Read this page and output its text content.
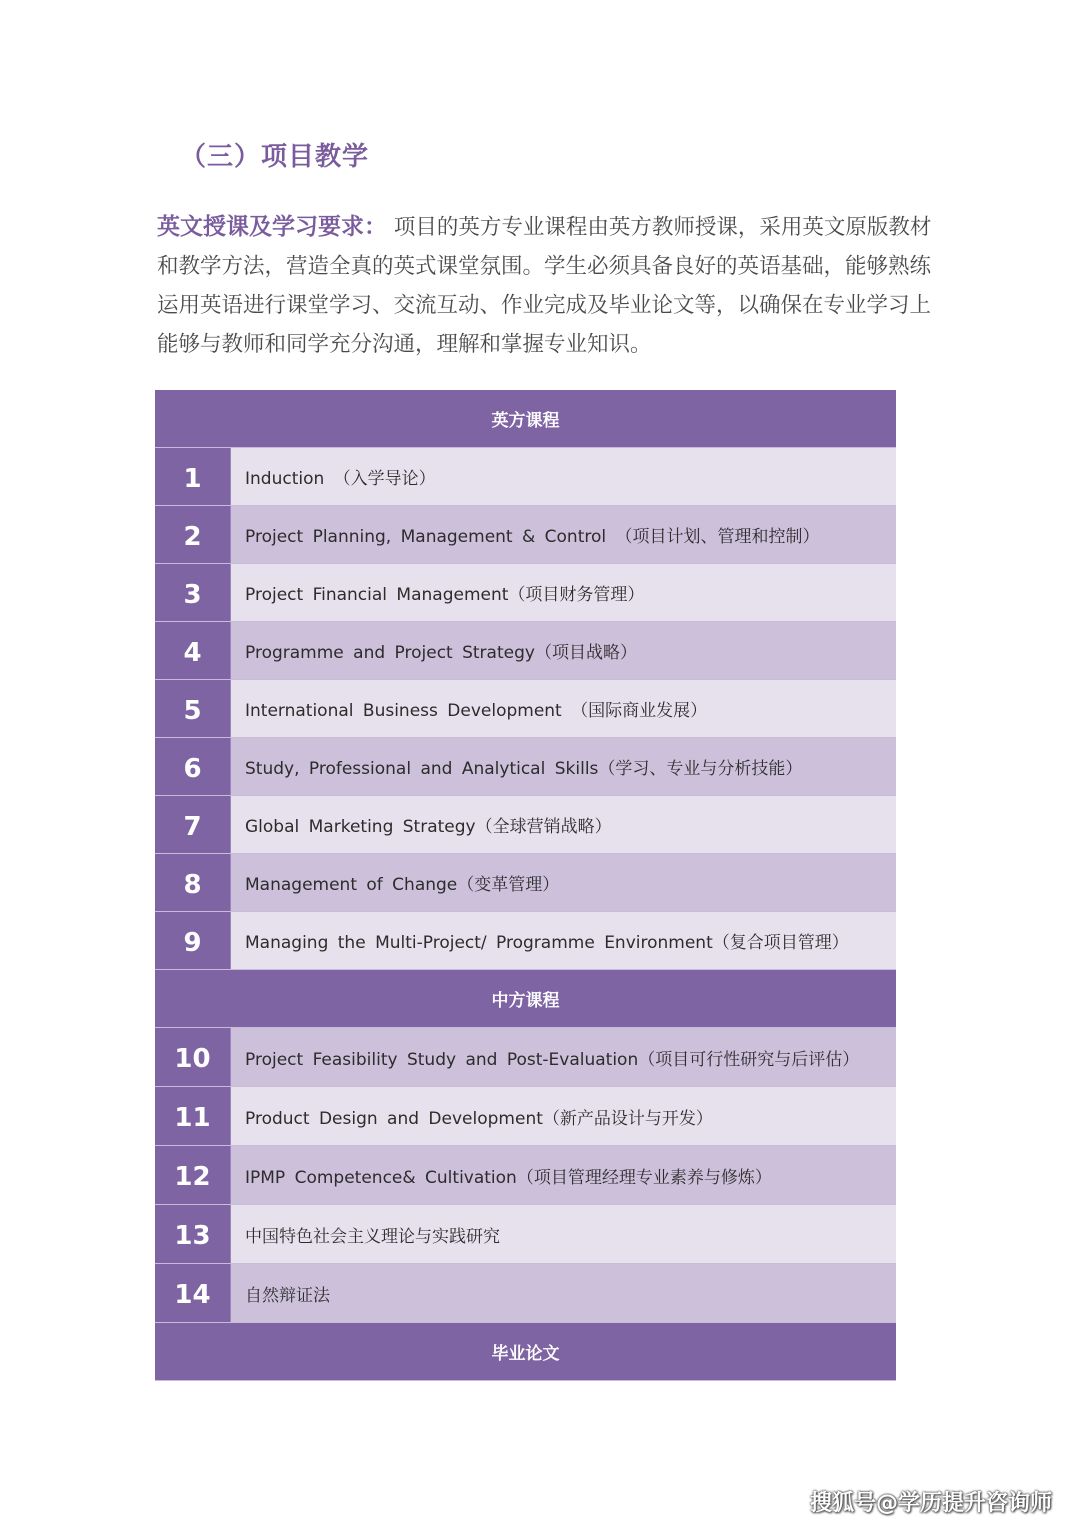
（三）项目教学
英文授课及学习要求： 项目的英方专业课程由英方教师授课，采用英文原版教材和教学方法，营造全真的英式课堂氛围。学生必须具备良好的英语基础，能够熟练运用英语进行课堂学习、交流互动、作业完成及毕业论文等，以确保在专业学习上能够与教师和同学充分沟通，理解和掌握专业知识。
英方课程
1	Induction （入学导论）
2	Project Planning, Management & Control （项目计划、管理和控制）
3	Project Financial Management（项目财务管理）
4	Programme and Project Strategy（项目战略）
5	International Business Development （国际商业发展）
6	Study, Professional and Analytical Skills（学习、专业与分析技能）
7	Global Marketing Strategy（全球营销战略）
8	Management of Change（变革管理）
9	Managing the Multi-Project/ Programme Environment（复合项目管理）
中方课程
10	Project Feasibility Study and Post-Evaluation（项目可行性研究与后评估）
11	Product Design and Development（新产品设计与开发）
12	IPMP Competence& Cultivation（项目管理经理专业素养与修炼）
13	中国特色社会主义理论与实践研究
14	自然辩证法
毕业论文
搜狐号@学历提升咨询师
